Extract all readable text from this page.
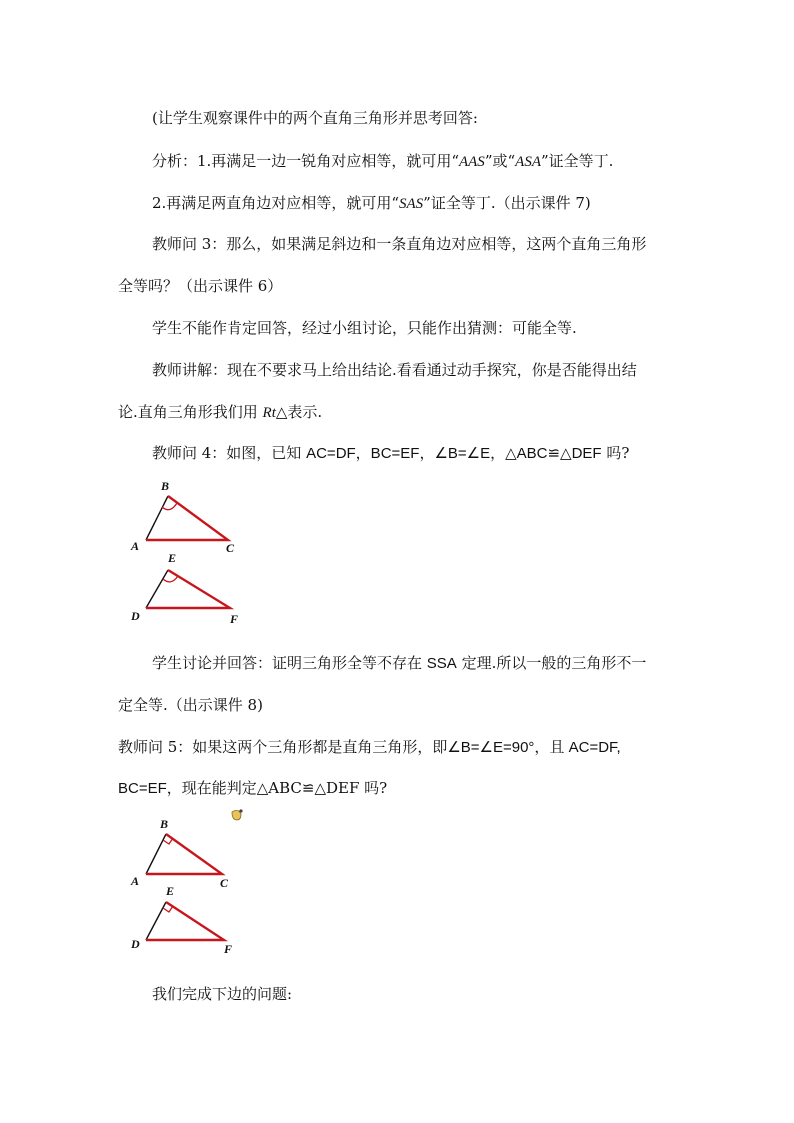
(让学生观察课件中的两个直角三角形并思考回答:
分析：1.再满足一边一锐角对应相等，就可用“AAS”或“ASA”证全等丁.
2.再满足两直角边对应相等，就可用“SAS”证全等丁.（出示课件 7)
教师问 3：那么，如果满足斜边和一条直角边对应相等，这两个直角三角形
全等吗？（出示课件 6）
学生不能作肯定回答，经过小组讨论，只能作出猜测：可能全等.
教师讲解：现在不要求马上给出结论.看看通过动手探究，你是否能得出结
论.直角三角形我们用 Rt△表示.
教师问 4：如图，已知 AC=DF，BC=EF，∠B=∠E，△ABC≌△DEF 吗?
B
A	C
E
D	F
学生讨论并回答：证明三角形全等不存在 SSA 定理.所以一般的三角形不一
定全等.（出示课件 8)
教师问 5：如果这两个三角形都是直角三角形，即∠B=∠E=90°，且 AC=DF,
BC=EF，现在能判定△ABC≌△DEF 吗?
B
A	C
E
D	F
我们完成下边的问题:
